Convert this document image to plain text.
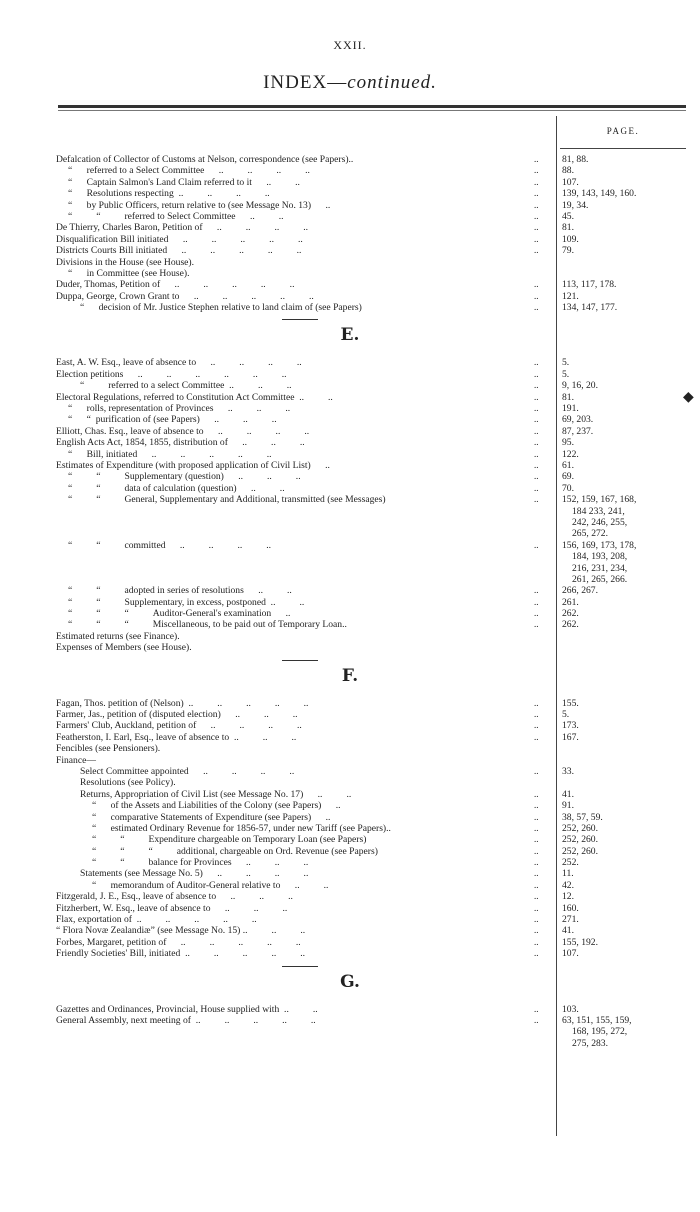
XXII.
INDEX—continued.
PAGE.
◆
Defalcation of Collector of Customs at Nelson, correspondence (see Papers)..	.. 81, 88.
“      referred to a Select Committee      ..          ..          ..          ..	.. 88.
“      Captain Salmon's Land Claim referred to it      ..          ..	.. 107.
“      Resolutions respecting  ..          ..          ..          ..	.. 139, 143, 149, 160.
“      by Public Officers, return relative to (see Message No. 13)      ..	.. 19, 34.
“          “          referred to Select Committee      ..          ..	.. 45.
De Thierry, Charles Baron, Petition of      ..          ..          ..          ..	.. 81.
Disqualification Bill initiated      ..          ..          ..          ..          ..	.. 109.
Districts Courts Bill initiated      ..          ..          ..          ..          ..	.. 79.
Divisions in the House (see House).
“      in Committee (see House).
Duder, Thomas, Petition of      ..          ..          ..          ..          ..	.. 113, 117, 178.
Duppa, George, Crown Grant to      ..          ..          ..          ..          ..	.. 121.
“      decision of Mr. Justice Stephen relative to land claim of (see Papers)	.. 134, 147, 177.
E.
East, A. W. Esq., leave of absence to      ..          ..          ..          ..	.. 5.
Election petitions      ..          ..          ..          ..          ..          ..	.. 5.
“          referred to a select Committee  ..          ..          ..	.. 9, 16, 20.
Electoral Regulations, referred to Constitution Act Committee  ..          ..	.. 81.
“      rolls, representation of Provinces      ..          ..          ..	.. 191.
“      “  purification of (see Papers)      ..          ..          ..	.. 69, 203.
Elliott, Chas. Esq., leave of absence to      ..          ..          ..          ..	.. 87, 237.
English Acts Act, 1854, 1855, distribution of      ..          ..          ..	.. 95.
“      Bill, initiated      ..          ..          ..          ..          ..	.. 122.
Estimates of Expenditure (with proposed application of Civil List)      ..	.. 61.
“          “          Supplementary (question)      ..          ..          ..	.. 69.
“          “          data of calculation (question)      ..          ..	.. 70.
“          “          General, Supplementary and Additional, transmitted (see Messages)	.. 152, 159, 167, 168,
184 233, 241,
242, 246, 255,
265, 272.
“          “          committed      ..          ..          ..          ..	.. 156, 169, 173, 178,
184, 193, 208,
216, 231, 234,
261, 265, 266.
“          “          adopted in series of resolutions      ..          ..	.. 266, 267.
“          “          Supplementary, in excess, postponed  ..          ..	.. 261.
“          “          “          Auditor-General's examination      ..	.. 262.
“          “          “          Miscellaneous, to be paid out of Temporary Loan..	.. 262.
Estimated returns (see Finance).
Expenses of Members (see House).
F.
Fagan, Thos. petition of (Nelson)  ..          ..          ..          ..          ..	.. 155.
Farmer, Jas., petition of (disputed election)      ..          ..          ..	.. 5.
Farmers' Club, Auckland, petition of      ..          ..          ..          ..	.. 173.
Featherston, I. Earl, Esq., leave of absence to  ..          ..          ..	.. 167.
Fencibles (see Pensioners).
Finance—
Select Committee appointed      ..          ..          ..          ..	.. 33.
Resolutions (see Policy).
Returns, Appropriation of Civil List (see Message No. 17)      ..          ..	.. 41.
“      of the Assets and Liabilities of the Colony (see Papers)      ..	.. 91.
“      comparative Statements of Expenditure (see Papers)      ..	.. 38, 57, 59.
“      estimated Ordinary Revenue for 1856-57, under new Tariff (see Papers)..	.. 252, 260.
“          “          Expenditure chargeable on Temporary Loan (see Papers)	.. 252, 260.
“          “          “          additional, chargeable on Ord. Revenue (see Papers)	.. 252, 260.
“          “          balance for Provinces      ..          ..          ..	.. 252.
Statements (see Message No. 5)      ..          ..          ..          ..	.. 11.
“      memorandum of Auditor-General relative to      ..          ..	.. 42.
Fitzgerald, J. E., Esq., leave of absence to      ..          ..          ..	.. 12.
Fitzherbert, W. Esq., leave of absence to      ..          ..          ..	.. 160.
Flax, exportation of  ..          ..          ..          ..          ..	.. 271.
“ Flora Novæ Zealandiæ” (see Message No. 15) ..          ..          ..	.. 41.
Forbes, Margaret, petition of      ..          ..          ..          ..          ..	.. 155, 192.
Friendly Societies' Bill, initiated  ..          ..          ..          ..          ..	.. 107.
G.
Gazettes and Ordinances, Provincial, House supplied with  ..          ..	.. 103.
General Assembly, next meeting of  ..          ..          ..          ..          ..	.. 63, 151, 155, 159,
168, 195, 272,
275, 283.
